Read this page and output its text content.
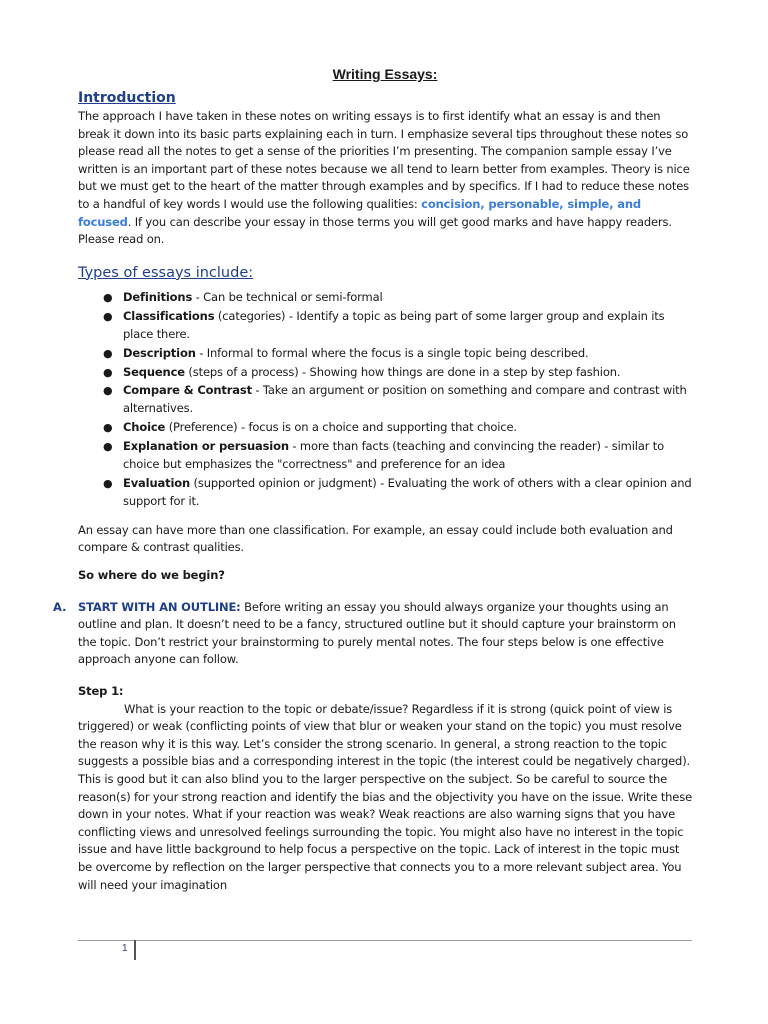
Writing Essays:
Introduction

The approach I have taken in these notes on writing essays is to first identify what an essay is and then break it down into its basic parts explaining each in turn. I emphasize several tips throughout these notes so please read all the notes to get a sense of the priorities I’m presenting. The companion sample essay I’ve written is an important part of these notes because we all tend to learn better from examples. Theory is nice but we must get to the heart of the matter through examples and by specifics. If I had to reduce these notes to a handful of key words I would use the following qualities: concision, personable, simple, and focused. If you can describe your essay in those terms you will get good marks and have happy readers. Please read on.

Types of essays include:
● Definitions - Can be technical or semi-formal
● Classifications (categories) - Identify a topic as being part of some larger group and explain its place there.
● Description - Informal to formal where the focus is a single topic being described.
● Sequence (steps of a process) - Showing how things are done in a step by step fashion.
● Compare & Contrast - Take an argument or position on something and compare and contrast with alternatives.
● Choice (Preference) - focus is on a choice and supporting that choice.
● Explanation or persuasion - more than facts (teaching and convincing the reader) - similar to choice but emphasizes the "correctness" and preference for an idea
● Evaluation (supported opinion or judgment) - Evaluating the work of others with a clear opinion and support for it.

An essay can have more than one classification. For example, an essay could include both evaluation and compare & contrast qualities.

So where do we begin?

A. START WITH AN OUTLINE: Before writing an essay you should always organize your thoughts using an outline and plan. It doesn’t need to be a fancy, structured outline but it should capture your brainstorm on the topic. Don’t restrict your brainstorming to purely mental notes. The four steps below is one effective approach anyone can follow.

Step 1:

What is your reaction to the topic or debate/issue? Regardless if it is strong (quick point of view is triggered) or weak (conflicting points of view that blur or weaken your stand on the topic) you must resolve the reason why it is this way. Let’s consider the strong scenario. In general, a strong reaction to the topic suggests a possible bias and a corresponding interest in the topic (the interest could be negatively charged). This is good but it can also blind you to the larger perspective on the subject. So be careful to source the reason(s) for your strong reaction and identify the bias and the objectivity you have on the issue. Write these down in your notes. What if your reaction was weak? Weak reactions are also warning signs that you have conflicting views and unresolved feelings surrounding the topic. You might also have no interest in the topic issue and have little background to help focus a perspective on the topic. Lack of interest in the topic must be overcome by reflection on the larger perspective that connects you to a more relevant subject area. You will need your imagination

1
